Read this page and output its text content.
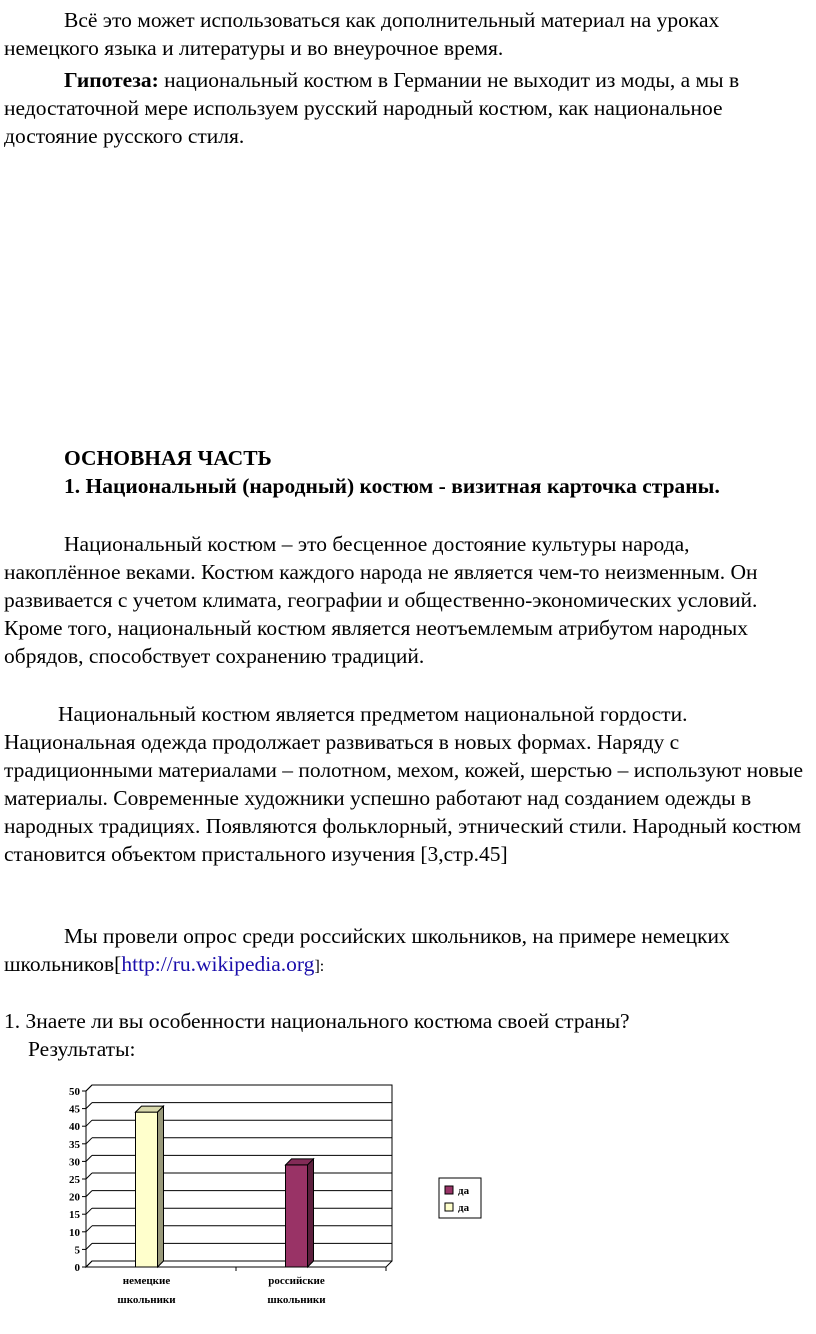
Всё это может использоваться как дополнительный материал на уроках немецкого языка и литературы и во внеурочное время.

Гипотеза: национальный костюм в Германии не выходит из моды, а мы в недостаточной мере используем русский народный костюм, как национальное достояние русского стиля.

ОСНОВНАЯ ЧАСТЬ

1. Национальный (народный) костюм - визитная карточка страны.

Национальный костюм – это бесценное достояние культуры народа, накоплённое веками. Костюм каждого народа не является чем-то неизменным. Он развивается с учетом климата, географии и общественно-экономических условий. Кроме того, национальный костюм является неотъемлемым атрибутом народных обрядов, способствует сохранению традиций.

Национальный костюм является предметом национальной гордости. Национальная одежда продолжает развиваться в новых формах. Наряду с традиционными материалами – полотном, мехом, кожей, шерстью – используют новые материалы. Современные художники успешно работают над созданием одежды в народных традициях. Появляются фольклорный, этнический стили. Народный костюм становится объектом пристального изучения [3,стр.45]

Мы провели опрос среди российских школьников, на примере немецких школьников[http://ru.wikipedia.org]:

1. Знаете ли вы особенности национального костюма своей страны?

Результаты:

0
5
10
15
20
25
30
35
40
45
50
немецкие
школьники
российские
школьники
да
да
